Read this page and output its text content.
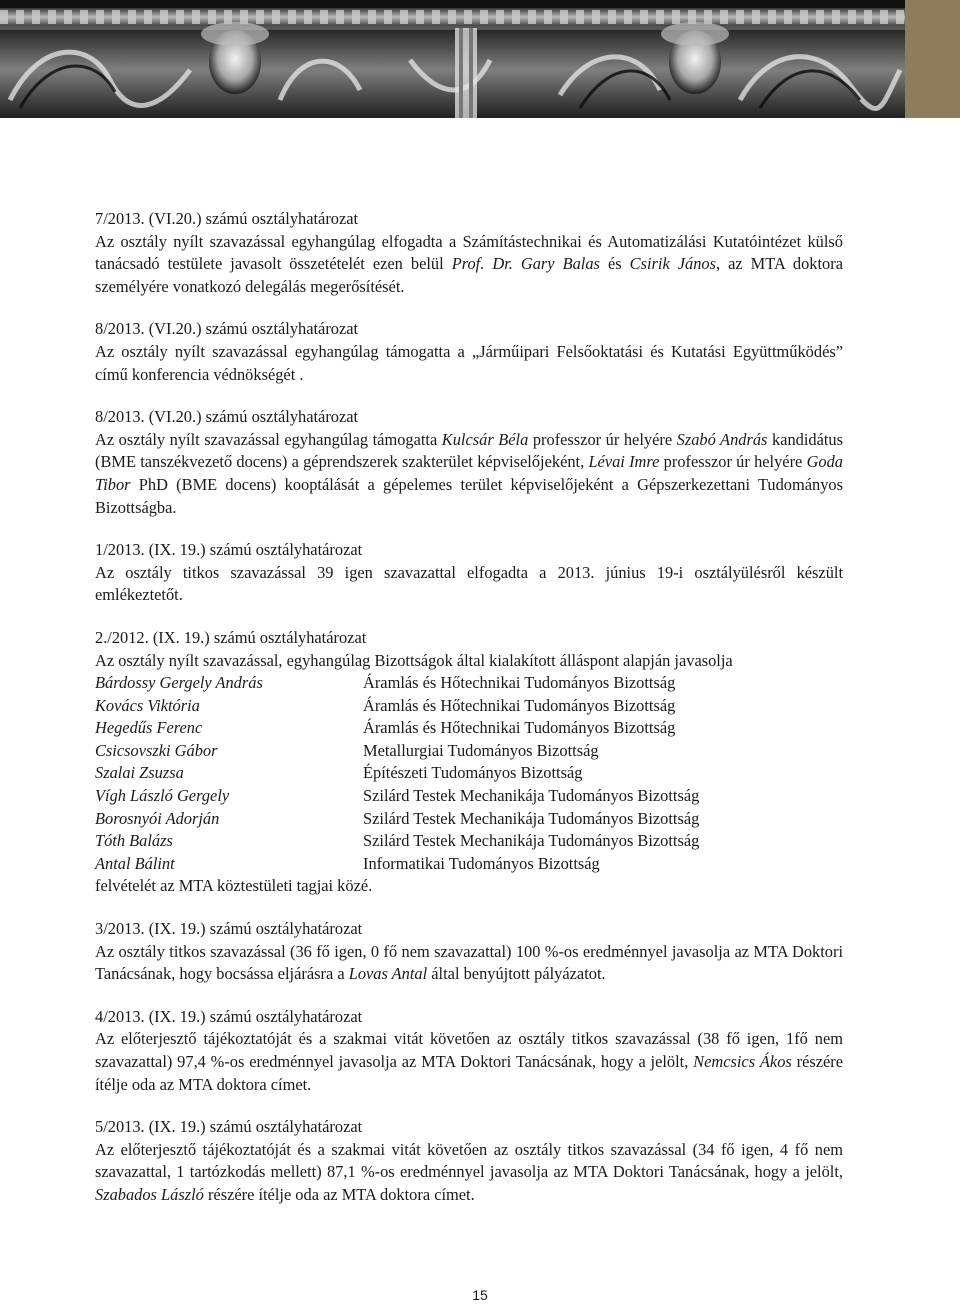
7/2013. (VI.20.) számú osztályhatározat

Az osztály nyílt szavazással egyhangúlag elfogadta a Számítástechnikai és Automatizálási Kutatóintézet külső tanácsadó testülete javasolt összetételét ezen belül Prof. Dr. Gary Balas és Csirik János, az MTA doktora személyére vonatkozó delegálás megerősítését.

8/2013. (VI.20.) számú osztályhatározat

Az osztály nyílt szavazással egyhangúlag támogatta a „Járműipari Felsőoktatási és Kutatási Együttműködés” című konferencia védnökségét .

8/2013. (VI.20.) számú osztályhatározat

Az osztály nyílt szavazással egyhangúlag támogatta Kulcsár Béla professzor úr helyére Szabó András kandidátus (BME tanszékvezető docens) a géprendszerek szakterület képviselőjeként, Lévai Imre professzor úr helyére Goda Tibor PhD (BME docens) kooptálását a gépelemes terület képviselőjeként a Gépszerkezettani Tudományos Bizottságba.

1/2013. (IX. 19.) számú osztályhatározat

Az osztály titkos szavazással 39 igen szavazattal elfogadta a 2013. június 19-i osztályülésről készült emlékeztetőt.

2./2012. (IX. 19.) számú osztályhatározat

Az osztály nyílt szavazással, egyhangúlag Bizottságok által kialakított álláspont alapján javasolja

Bárdossy Gergely András	Áramlás és Hőtechnikai Tudományos Bizottság
Kovács Viktória	Áramlás és Hőtechnikai Tudományos Bizottság
Hegedűs Ferenc	Áramlás és Hőtechnikai Tudományos Bizottság
Csicsovszki Gábor	Metallurgiai Tudományos Bizottság
Szalai Zsuzsa	Építészeti Tudományos Bizottság
Vígh László Gergely	Szilárd Testek Mechanikája Tudományos Bizottság
Borosnyói Adorján	Szilárd Testek Mechanikája Tudományos Bizottság
Tóth Balázs	Szilárd Testek Mechanikája Tudományos Bizottság
Antal Bálint	Informatikai Tudományos Bizottság

felvételét az MTA köztestületi tagjai közé.

3/2013. (IX. 19.) számú osztályhatározat

Az osztály titkos szavazással (36 fő igen, 0 fő nem szavazattal) 100 %-os eredménnyel javasolja az MTA Doktori Tanácsának, hogy bocsássa eljárásra a Lovas Antal által benyújtott pályázatot.

4/2013. (IX. 19.) számú osztályhatározat

Az előterjesztő tájékoztatóját és a szakmai vitát követően az osztály titkos szavazással (38 fő igen, 1fő nem szavazattal) 97,4 %-os eredménnyel javasolja az MTA Doktori Tanácsának, hogy a jelölt, Nemcsics Ákos részére ítélje oda az MTA doktora címet.

5/2013. (IX. 19.) számú osztályhatározat

Az előterjesztő tájékoztatóját és a szakmai vitát követően az osztály titkos szavazással (34 fő igen, 4 fő nem szavazattal, 1 tartózkodás mellett) 87,1 %-os eredménnyel javasolja az MTA Doktori Tanácsának, hogy a jelölt, Szabados László részére ítélje oda az MTA doktora címet.

15
